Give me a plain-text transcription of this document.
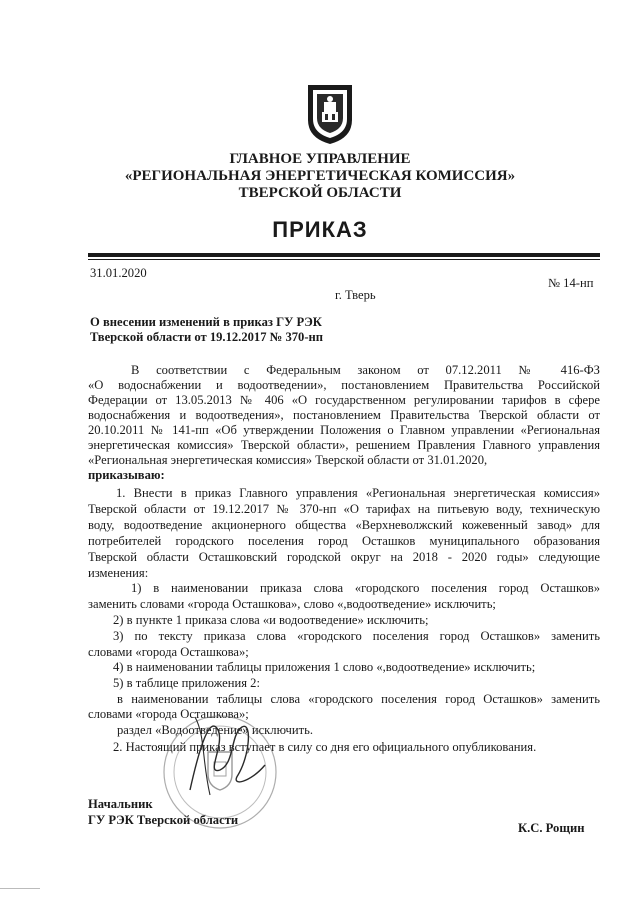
ГЛАВНОЕ УПРАВЛЕНИЕ
«РЕГИОНАЛЬНАЯ ЭНЕРГЕТИЧЕСКАЯ КОМИССИЯ»
ТВЕРСКОЙ ОБЛАСТИ
ПРИКАЗ
31.01.2020
№ 14-нп
г. Тверь
О внесении изменений в приказ ГУ РЭК
Тверской области от 19.12.2017 № 370-нп
В соответствии с Федеральным законом от 07.12.2011 № 416-ФЗ
«О водоснабжении и водоотведении», постановлением Правительства Российской
Федерации от 13.05.2013 № 406 «О государственном регулировании тарифов в сфере
водоснабжения и водоотведения», постановлением Правительства Тверской области от
20.10.2011 № 141-пп «Об утверждении Положения о Главном управлении «Региональная
энергетическая комиссия» Тверской области», решением Правления Главного управления
«Региональная энергетическая комиссия» Тверской области от 31.01.2020,
приказываю:
1. Внести в приказ Главного управления «Региональная энергетическая комиссия»
Тверской области от 19.12.2017 № 370-нп «О тарифах на питьевую воду, техническую
воду, водоотведение акционерного общества «Верхневолжский кожевенный завод» для
потребителей городского поселения город Осташков муниципального образования
Тверской области Осташковский городской округ на 2018 - 2020 годы» следующие
изменения:
1) в наименовании приказа слова «городского поселения город Осташков»
заменить словами «города Осташкова», слово «,водоотведение» исключить;
2) в пункте 1 приказа слова «и водоотведение» исключить;
3) по тексту приказа слова «городского поселения город Осташков» заменить
словами «города Осташкова»;
4) в наименовании таблицы приложения 1 слово «,водоотведение» исключить;
5) в таблице приложения 2:
в наименовании таблицы слова «городского поселения город Осташков» заменить
словами «города Осташкова»;
раздел «Водоотведение» исключить.
2. Настоящий приказ вступает в силу со дня его официального опубликования.
Начальник
ГУ РЭК Тверской области
К.С. Рощин
